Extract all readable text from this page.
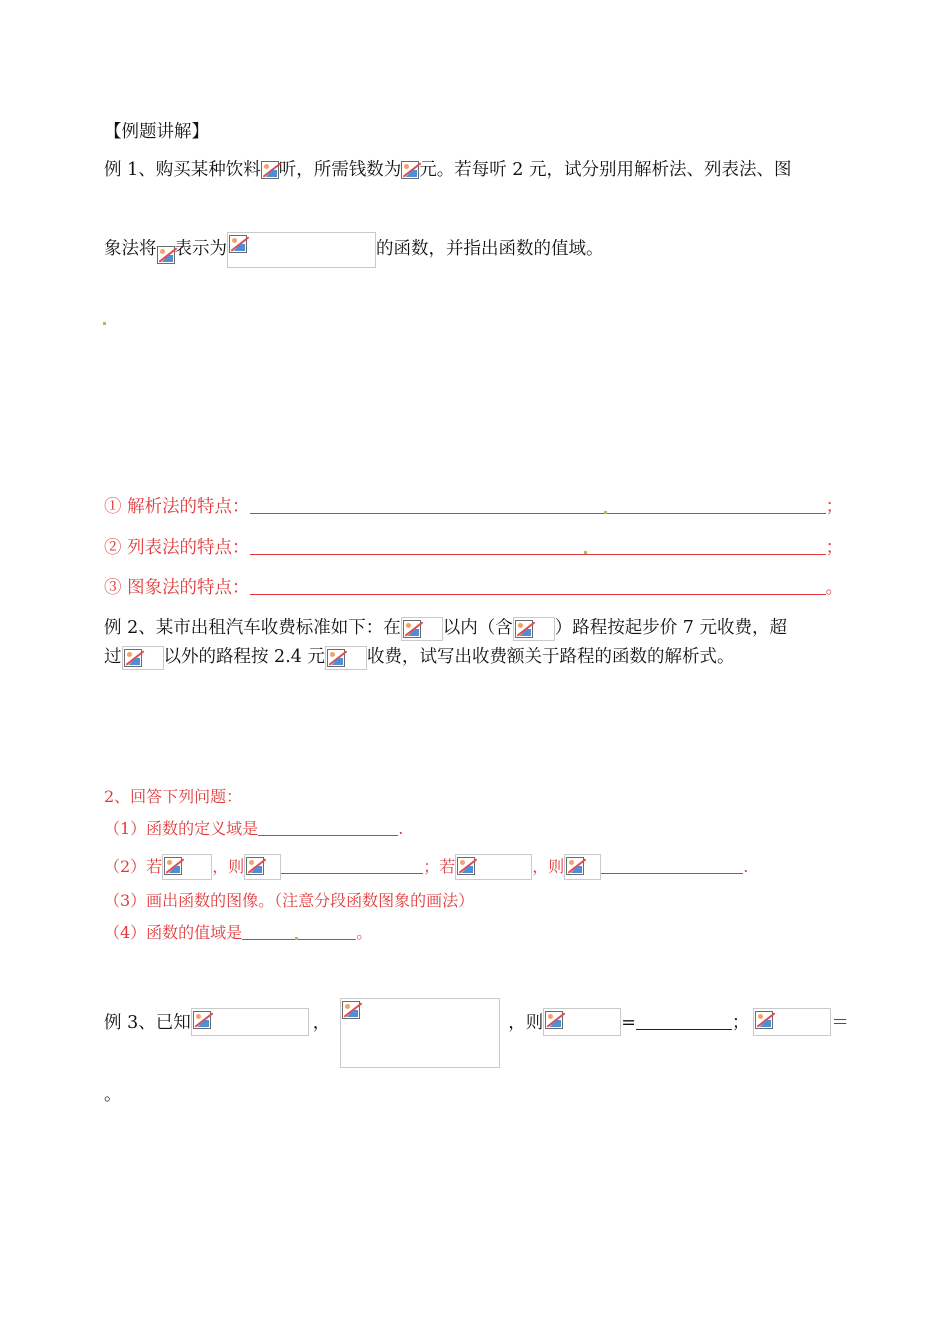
【例题讲解】
例 1、购买某种饮料 听，所需钱数为 元。若每听 2 元，试分别用解析法、列表法、图
象法将 表示为	的函数，并指出函数的值域。
① 解析法的特点：	；
② 列表法的特点：	；
③ 图象法的特点：	。
例 2、某市出租汽车收费标准如下：在 以内（含 ）路程按起步价 7 元收费，超
过 以外的路程按 2.4 元 收费，试写出收费额关于路程的函数的解析式。
2、回答下列问题：
（1）函数的定义域是	.
（2）若	，则	；若	，则	.
（3）画出函数的图像。（注意分段函数图象的画法）
（4）函数的值域是	。
例 3、已知	，	，则	=	；	＝
。
